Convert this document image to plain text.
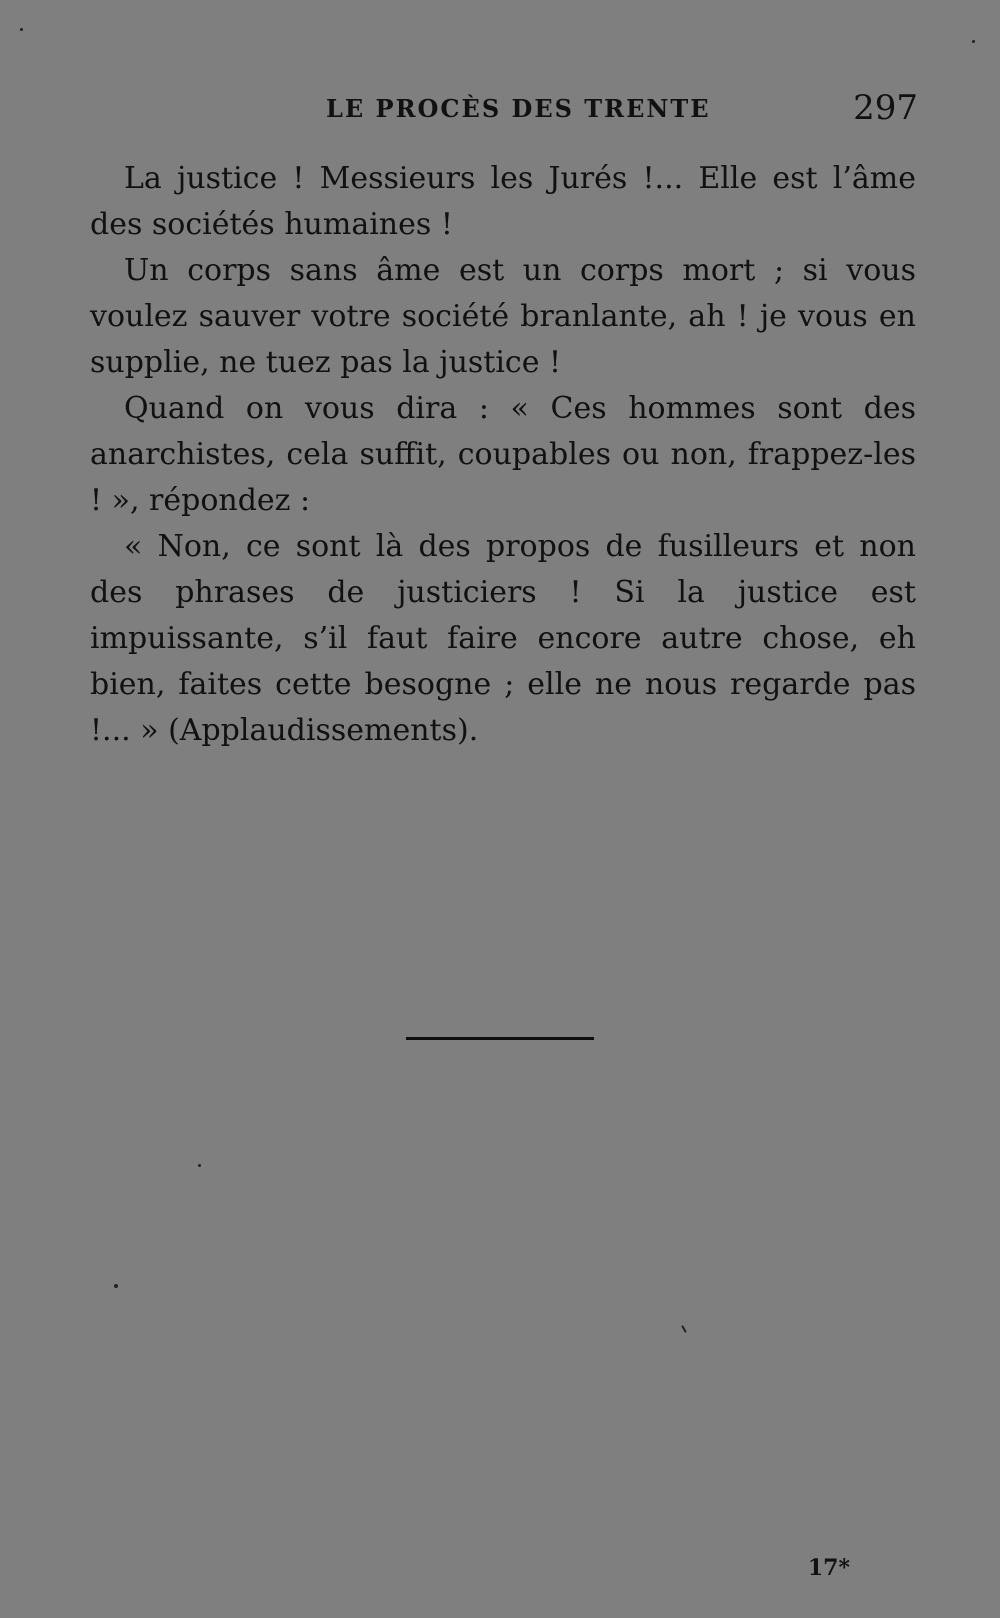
LE PROCÈS DES TRENTE	297

La justice ! Messieurs les Jurés !... Elle est l’âme des sociétés humaines !

Un corps sans âme est un corps mort ; si vous voulez sauver votre société branlante, ah ! je vous en supplie, ne tuez pas la justice !

Quand on vous dira : « Ces hommes sont des anarchistes, cela suffit, coupables ou non, frappez-les ! », répondez :

« Non, ce sont là des propos de fusilleurs et non des phrases de justiciers ! Si la justice est impuissante, s’il faut faire encore autre chose, eh bien, faites cette besogne ; elle ne nous regarde pas !... » (Applaudissements).

17*
